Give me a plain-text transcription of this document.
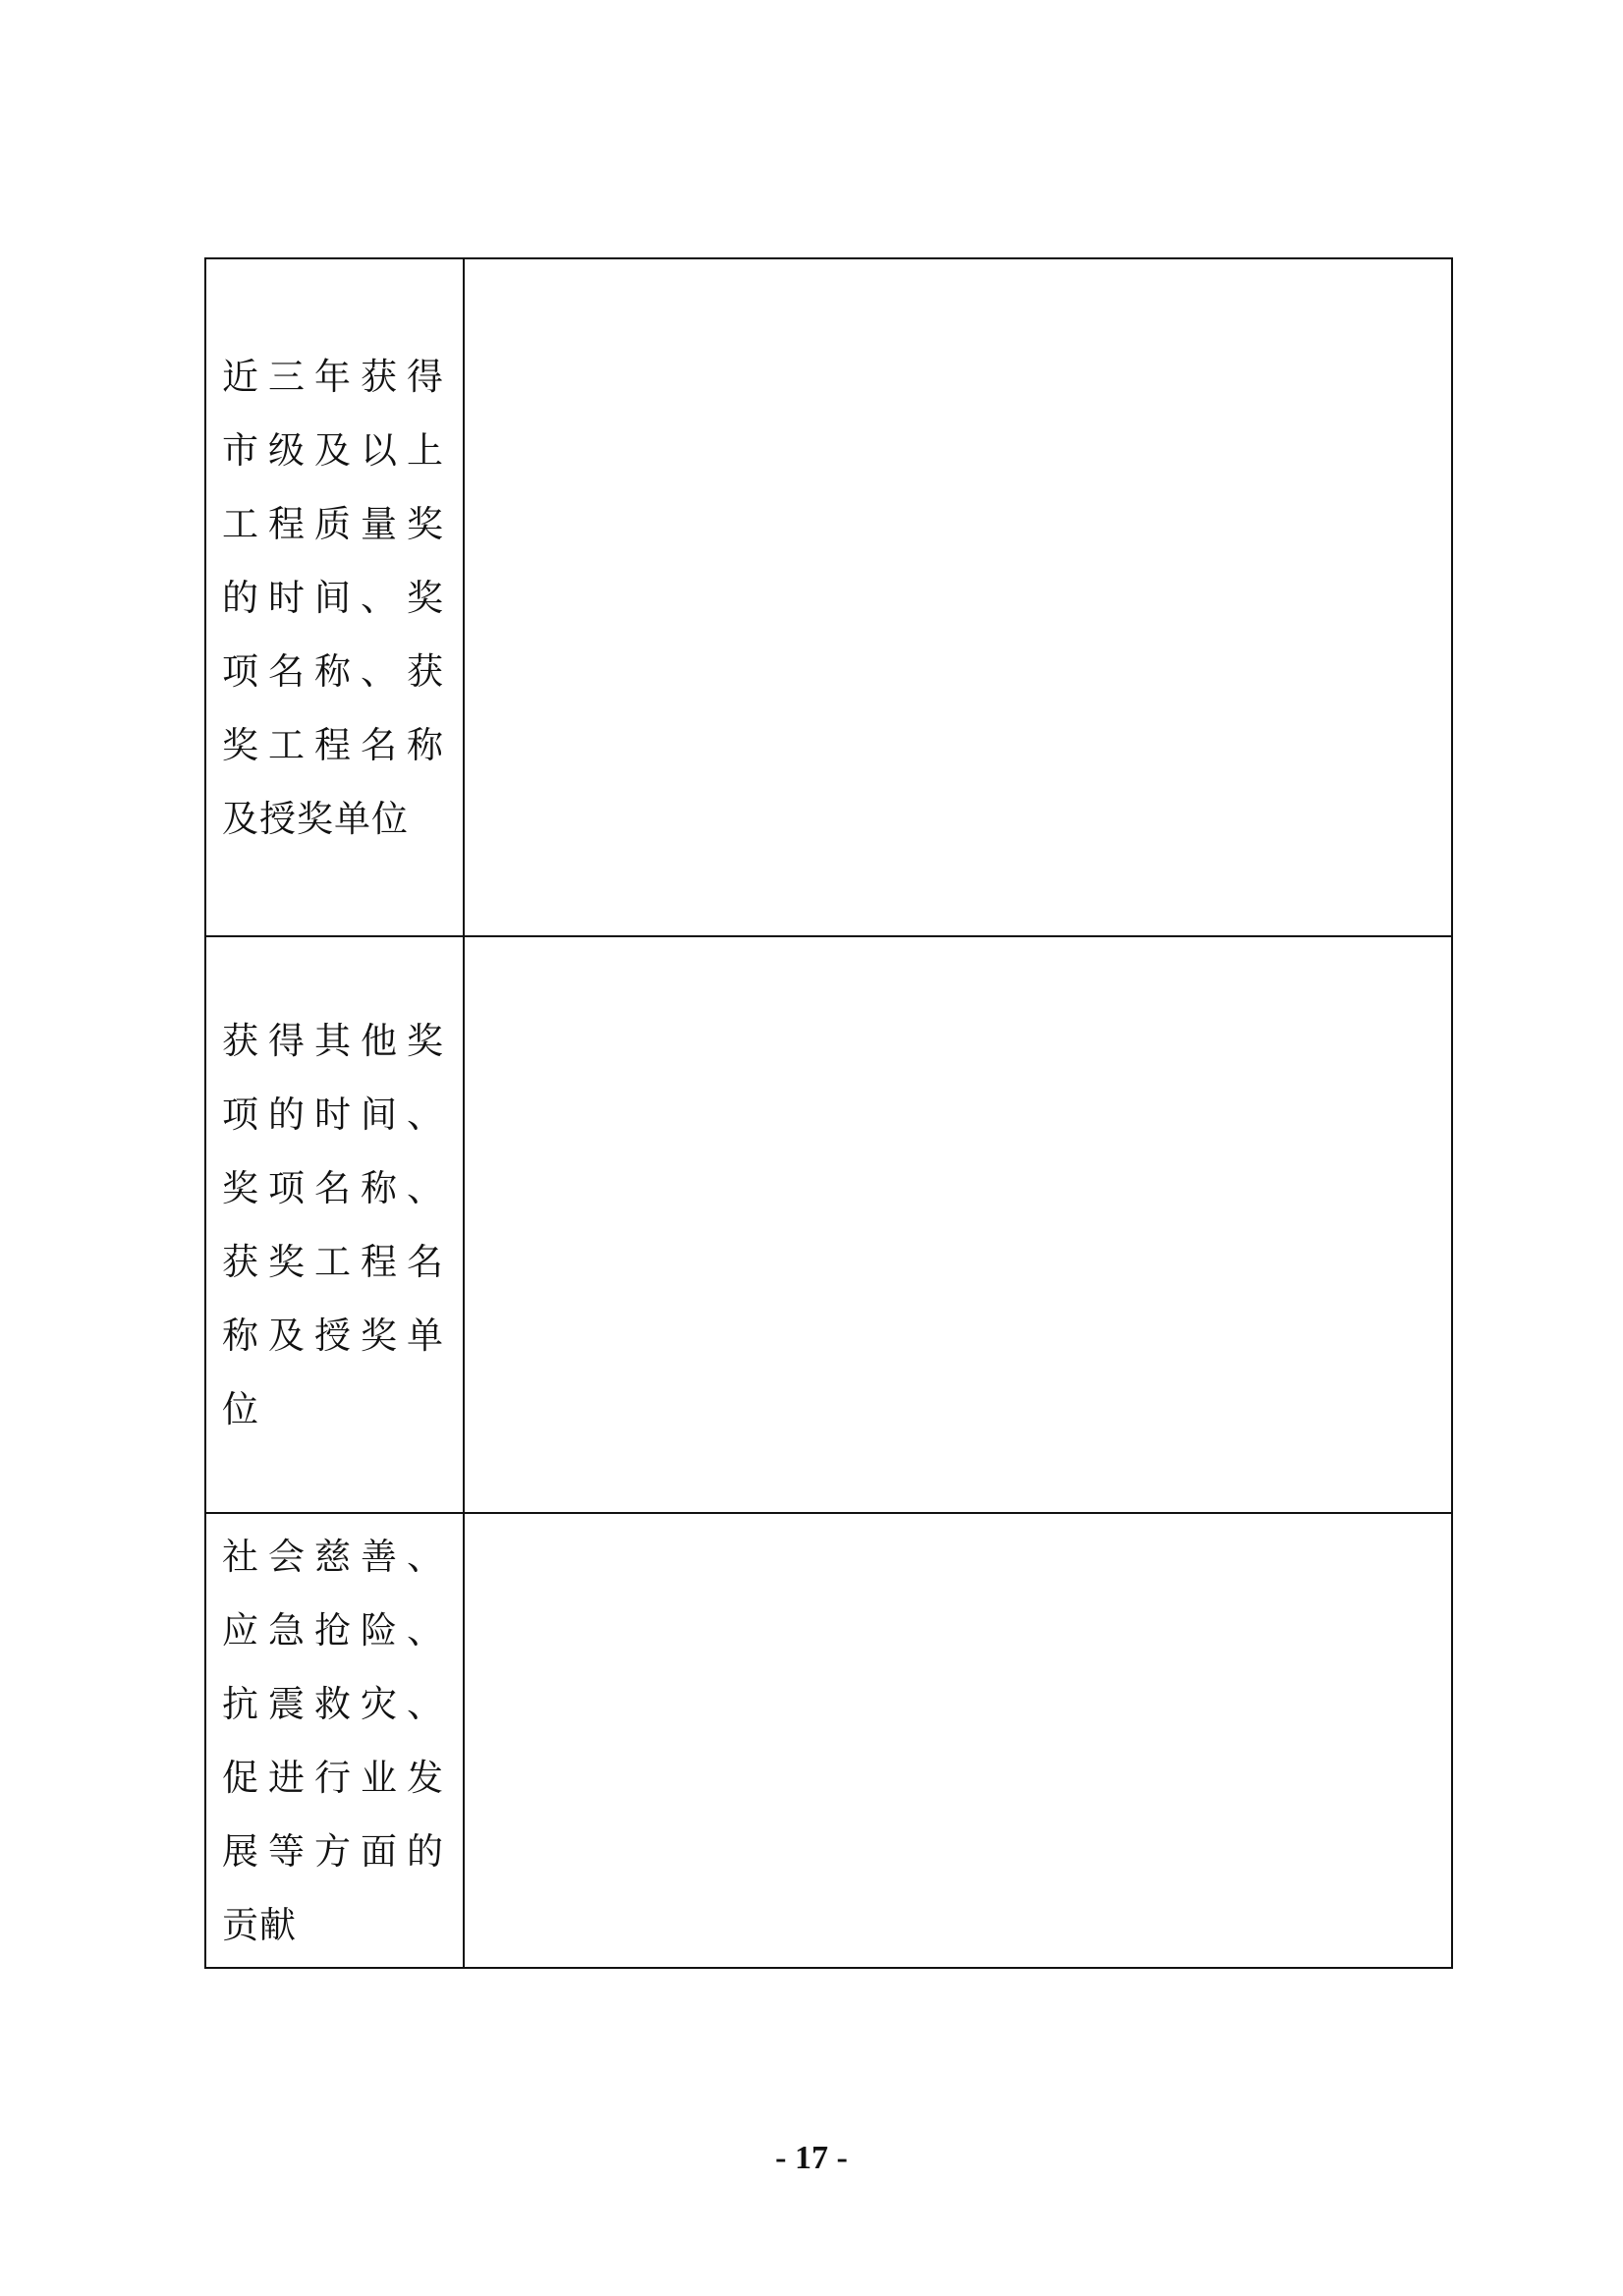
近三年获得市级及以上工程质量奖的时间、奖项名称、获奖工程名称及授奖单位	

获得其他奖项的时间、奖项名称、获奖工程名称及授奖单位	

社会慈善、应急抢险、抗震救灾、促进行业发展等方面的贡献	

- 17 -
